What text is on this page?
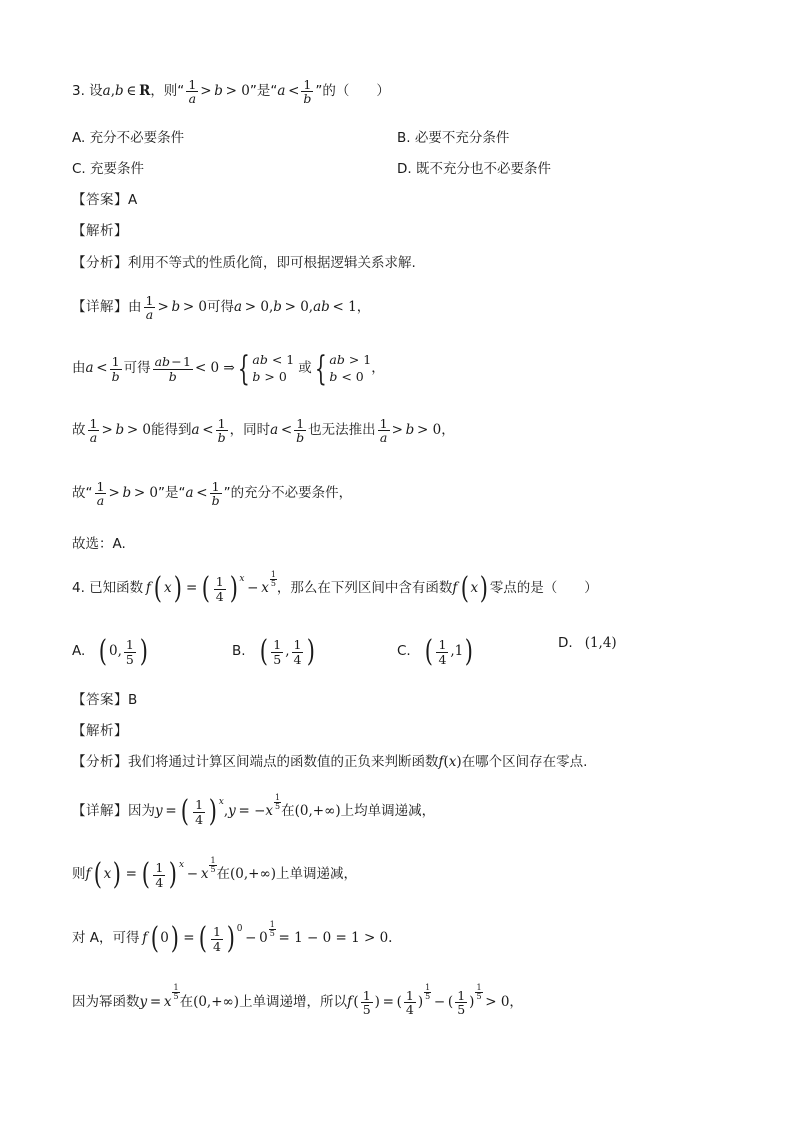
3. 设 a , b  ∈  R ，则“ $\frac{1}{a} > b > 0$ ”是“ $a < \frac{1}{b}$ ”的（　　）
A. 充分不必要条件	B. 必要不充分条件
C. 充要条件	D. 既不充分也不必要条件
【答案】 A
【解析】
【分析】 利用不等式的性质化简，即可根据逻辑关系求解.
【详解】 由 $\frac{1}{a} > b > 0$ 可得 a  > 0, b  > 0, ab  < 1 ，
由 $a < \frac{1}{b}$ 可得 $\frac{ab - 1}{b} < 0$ ⇒ { ab < 1
b > 0
或 { ab > 1
b < 0
，
故 $\frac{1}{a} > b > 0$ 能得到 $a < \frac{1}{b}$ ，同时 $a < \frac{1}{b}$ 也无法推出 $\frac{1}{a} > b > 0$ ，
故“ $\frac{1}{a} > b > 0$ ”是“ $a < \frac{1}{b}$ ”的充分不必要条件，
故选：A.
4. 已知函数  f  ( x )  =  ( $\frac{1}{4}$ ) x
 −  x
1
5 ，那么在下列区间中含有函数 f  ( x ) 零点的是（　　）
A. ( 0, $\frac{1}{5}$ )	B. ( $\frac{1}{5}$ , $\frac{1}{4}$ )	C. ( $\frac{1}{4} ,1$ )	D. (1,4)
【答案】 B
【解析】
【分析】 我们将通过计算区间端点的函数值的正负来判断函数 f ( x ) 在哪个区间存在零点.
【详解】 因为 y  =  ( $\frac{1}{4}$ ) x
, y  = − x
1
5 在 (0,+∞) 上均单调递减，
则 f  ( x )  =  ( $\frac{1}{4}$ ) x
 −  x
1
5 在 (0,+∞) 上单调递减，
对 A，可得  f  ( 0 )  =  ( $\frac{1}{4}$ ) 0
 − 0
$\frac{1}{5}$
 = 1 − 0 = 1 > 0.
因为幂函数 y  =  x
1
5 在 (0,+∞) 上单调递增，所以 f  ( $\frac{1}{5}$ ) = ( $\frac{1}{4}$ )
1
5  − ( $\frac{1}{5}$ )
1
5  > 0 ，
